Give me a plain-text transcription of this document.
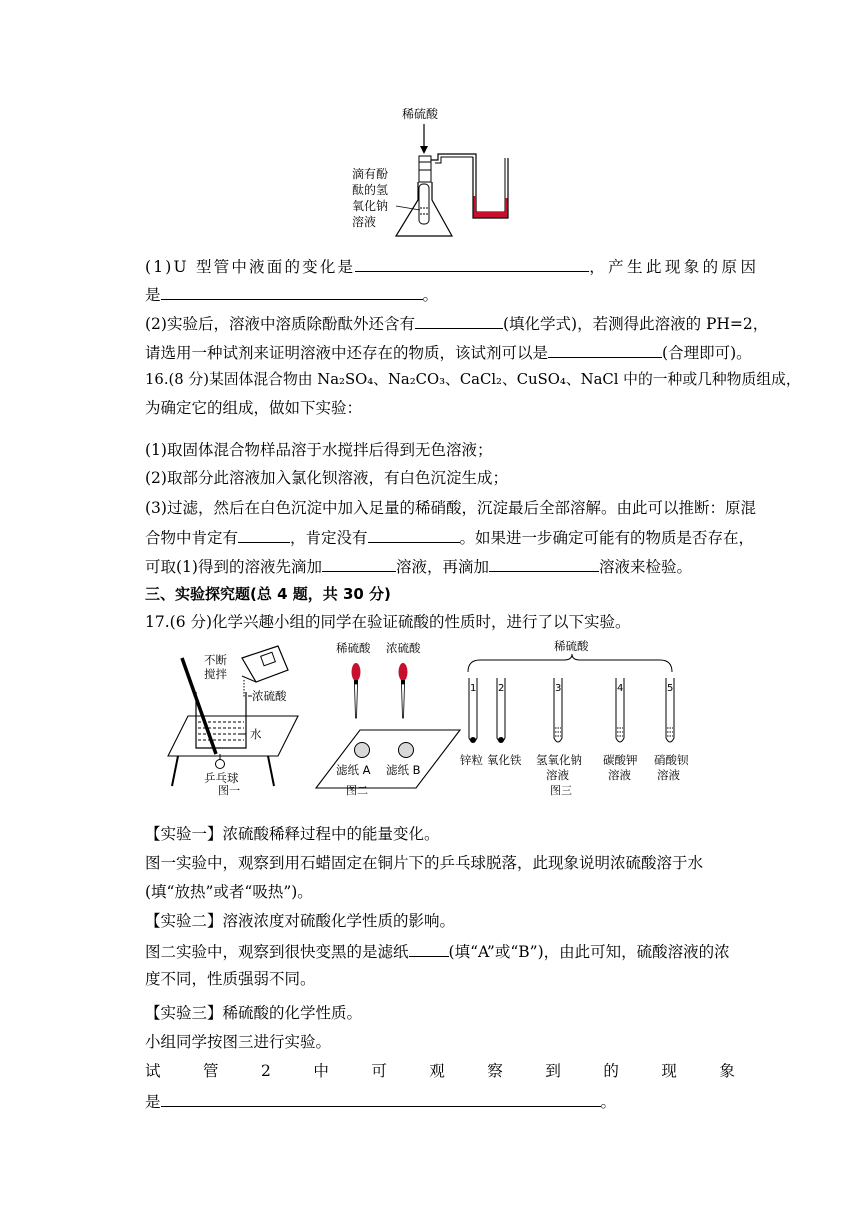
稀硫酸
滴有酚
酞的氢
氧化钠
溶液
(1)U 型管中液面的变化是	，产生此现象的原因
是	。
(2)实验后，溶液中溶质除酚酞外还含有	(填化学式)，若测得此溶液的 PH=2，
请选用一种试剂来证明溶液中还存在的物质，该试剂可以是	(合理即可)。
16.(8 分)某固体混合物由 Na₂SO₄、Na₂CO₃、CaCl₂、CuSO₄、NaCl 中的一种或几种物质组成，
为确定它的组成，做如下实验：
(1)取固体混合物样品溶于水搅拌后得到无色溶液；
(2)取部分此溶液加入氯化钡溶液，有白色沉淀生成；
(3)过滤，然后在白色沉淀中加入足量的稀硝酸，沉淀最后全部溶解。由此可以推断：原混
合物中肯定有	，肯定没有	。如果进一步确定可能有的物质是否存在，
可取(1)得到的溶液先滴加	溶液，再滴加	溶液来检验。
三、实验探究题(总 4 题，共 30 分)
17.(6 分)化学兴趣小组的同学在验证硫酸的性质时，进行了以下实验。
不断
搅拌
浓硫酸
水
乒乓球
图一
稀硫酸 浓硫酸
滤纸 A 滤纸 B
图二
稀硫酸
1 2	3	4	5
锌粒 氧化铁 氢氧化钠
溶液
碳酸钾
溶液
硝酸钡
溶液
图三
【实验一】浓硫酸稀释过程中的能量变化。
图一实验中，观察到用石蜡固定在铜片下的乒乓球脱落，此现象说明浓硫酸溶于水
(填“放热”或者“吸热”)。
【实验二】溶液浓度对硫酸化学性质的影响。
图二实验中，观察到很快变黑的是滤纸	(填“A”或“B”)，由此可知，硫酸溶液的浓
度不同，性质强弱不同。
【实验三】稀硫酸的化学性质。
小组同学按图三进行实验。
试	管	2	中	可	观	察	到	的	现	象
是	。
